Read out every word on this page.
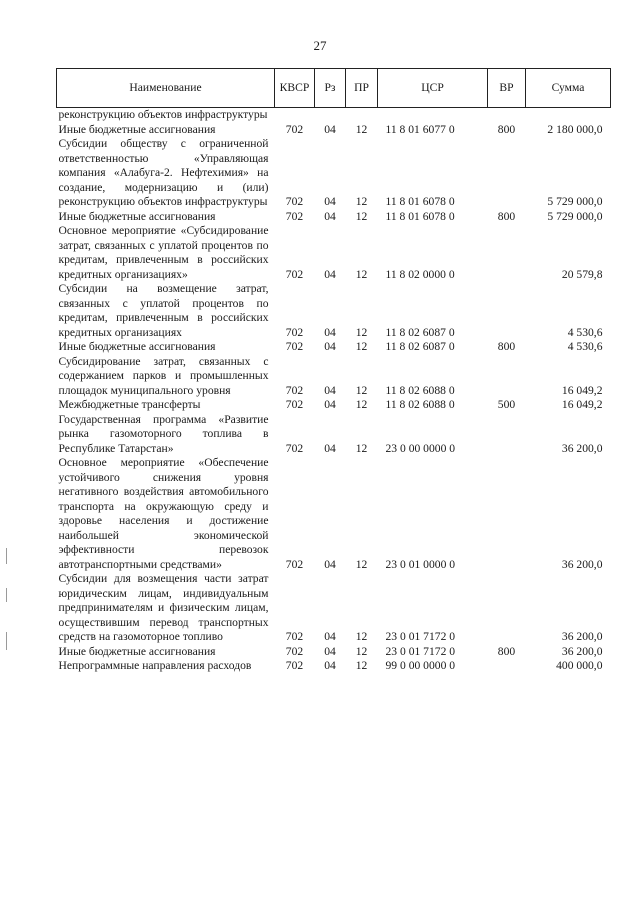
27
Наименование	КВСР	Рз	ПР	ЦСР	ВР	Сумма
реконструкцию объектов инфраструктуры						
Иные бюджетные ассигнования	702	04	12	11 8 01 6077 0	800	2 180 000,0
Субсидии обществу с ограниченной ответственностью «Управляющая компания «Алабуга-2. Нефтехимия» на создание, модернизацию и (или) реконструкцию объектов инфраструктуры	702	04	12	11 8 01 6078 0		5 729 000,0
Иные бюджетные ассигнования	702	04	12	11 8 01 6078 0	800	5 729 000,0
Основное мероприятие «Субсидирование затрат, связанных с уплатой процентов по кредитам, привлеченным в российских кредитных организациях»	702	04	12	11 8 02 0000 0		20 579,8
Субсидии на возмещение затрат, связанных с уплатой процентов по кредитам, привлеченным в российских кредитных организациях	702	04	12	11 8 02 6087 0		4 530,6
Иные бюджетные ассигнования	702	04	12	11 8 02 6087 0	800	4 530,6
Субсидирование затрат, связанных с содержанием парков и промышленных площадок муниципального уровня	702	04	12	11 8 02 6088 0		16 049,2
Межбюджетные трансферты	702	04	12	11 8 02 6088 0	500	16 049,2
Государственная программа «Развитие рынка газомоторного топлива в Республике Татарстан»	702	04	12	23 0 00 0000 0		36 200,0
Основное мероприятие «Обеспечение устойчивого снижения уровня негативного воздействия автомобильного транспорта на окружающую среду и здоровье населения и достижение наибольшей экономической эффективности перевозок автотранспортными средствами»	702	04	12	23 0 01 0000 0		36 200,0
Субсидии для возмещения части затрат юридическим лицам, индивидуальным предпринимателям и физическим лицам, осуществившим перевод транспортных средств на газомоторное топливо	702	04	12	23 0 01 7172 0		36 200,0
Иные бюджетные ассигнования	702	04	12	23 0 01 7172 0	800	36 200,0
Непрограммные направления расходов	702	04	12	99 0 00 0000 0		400 000,0
